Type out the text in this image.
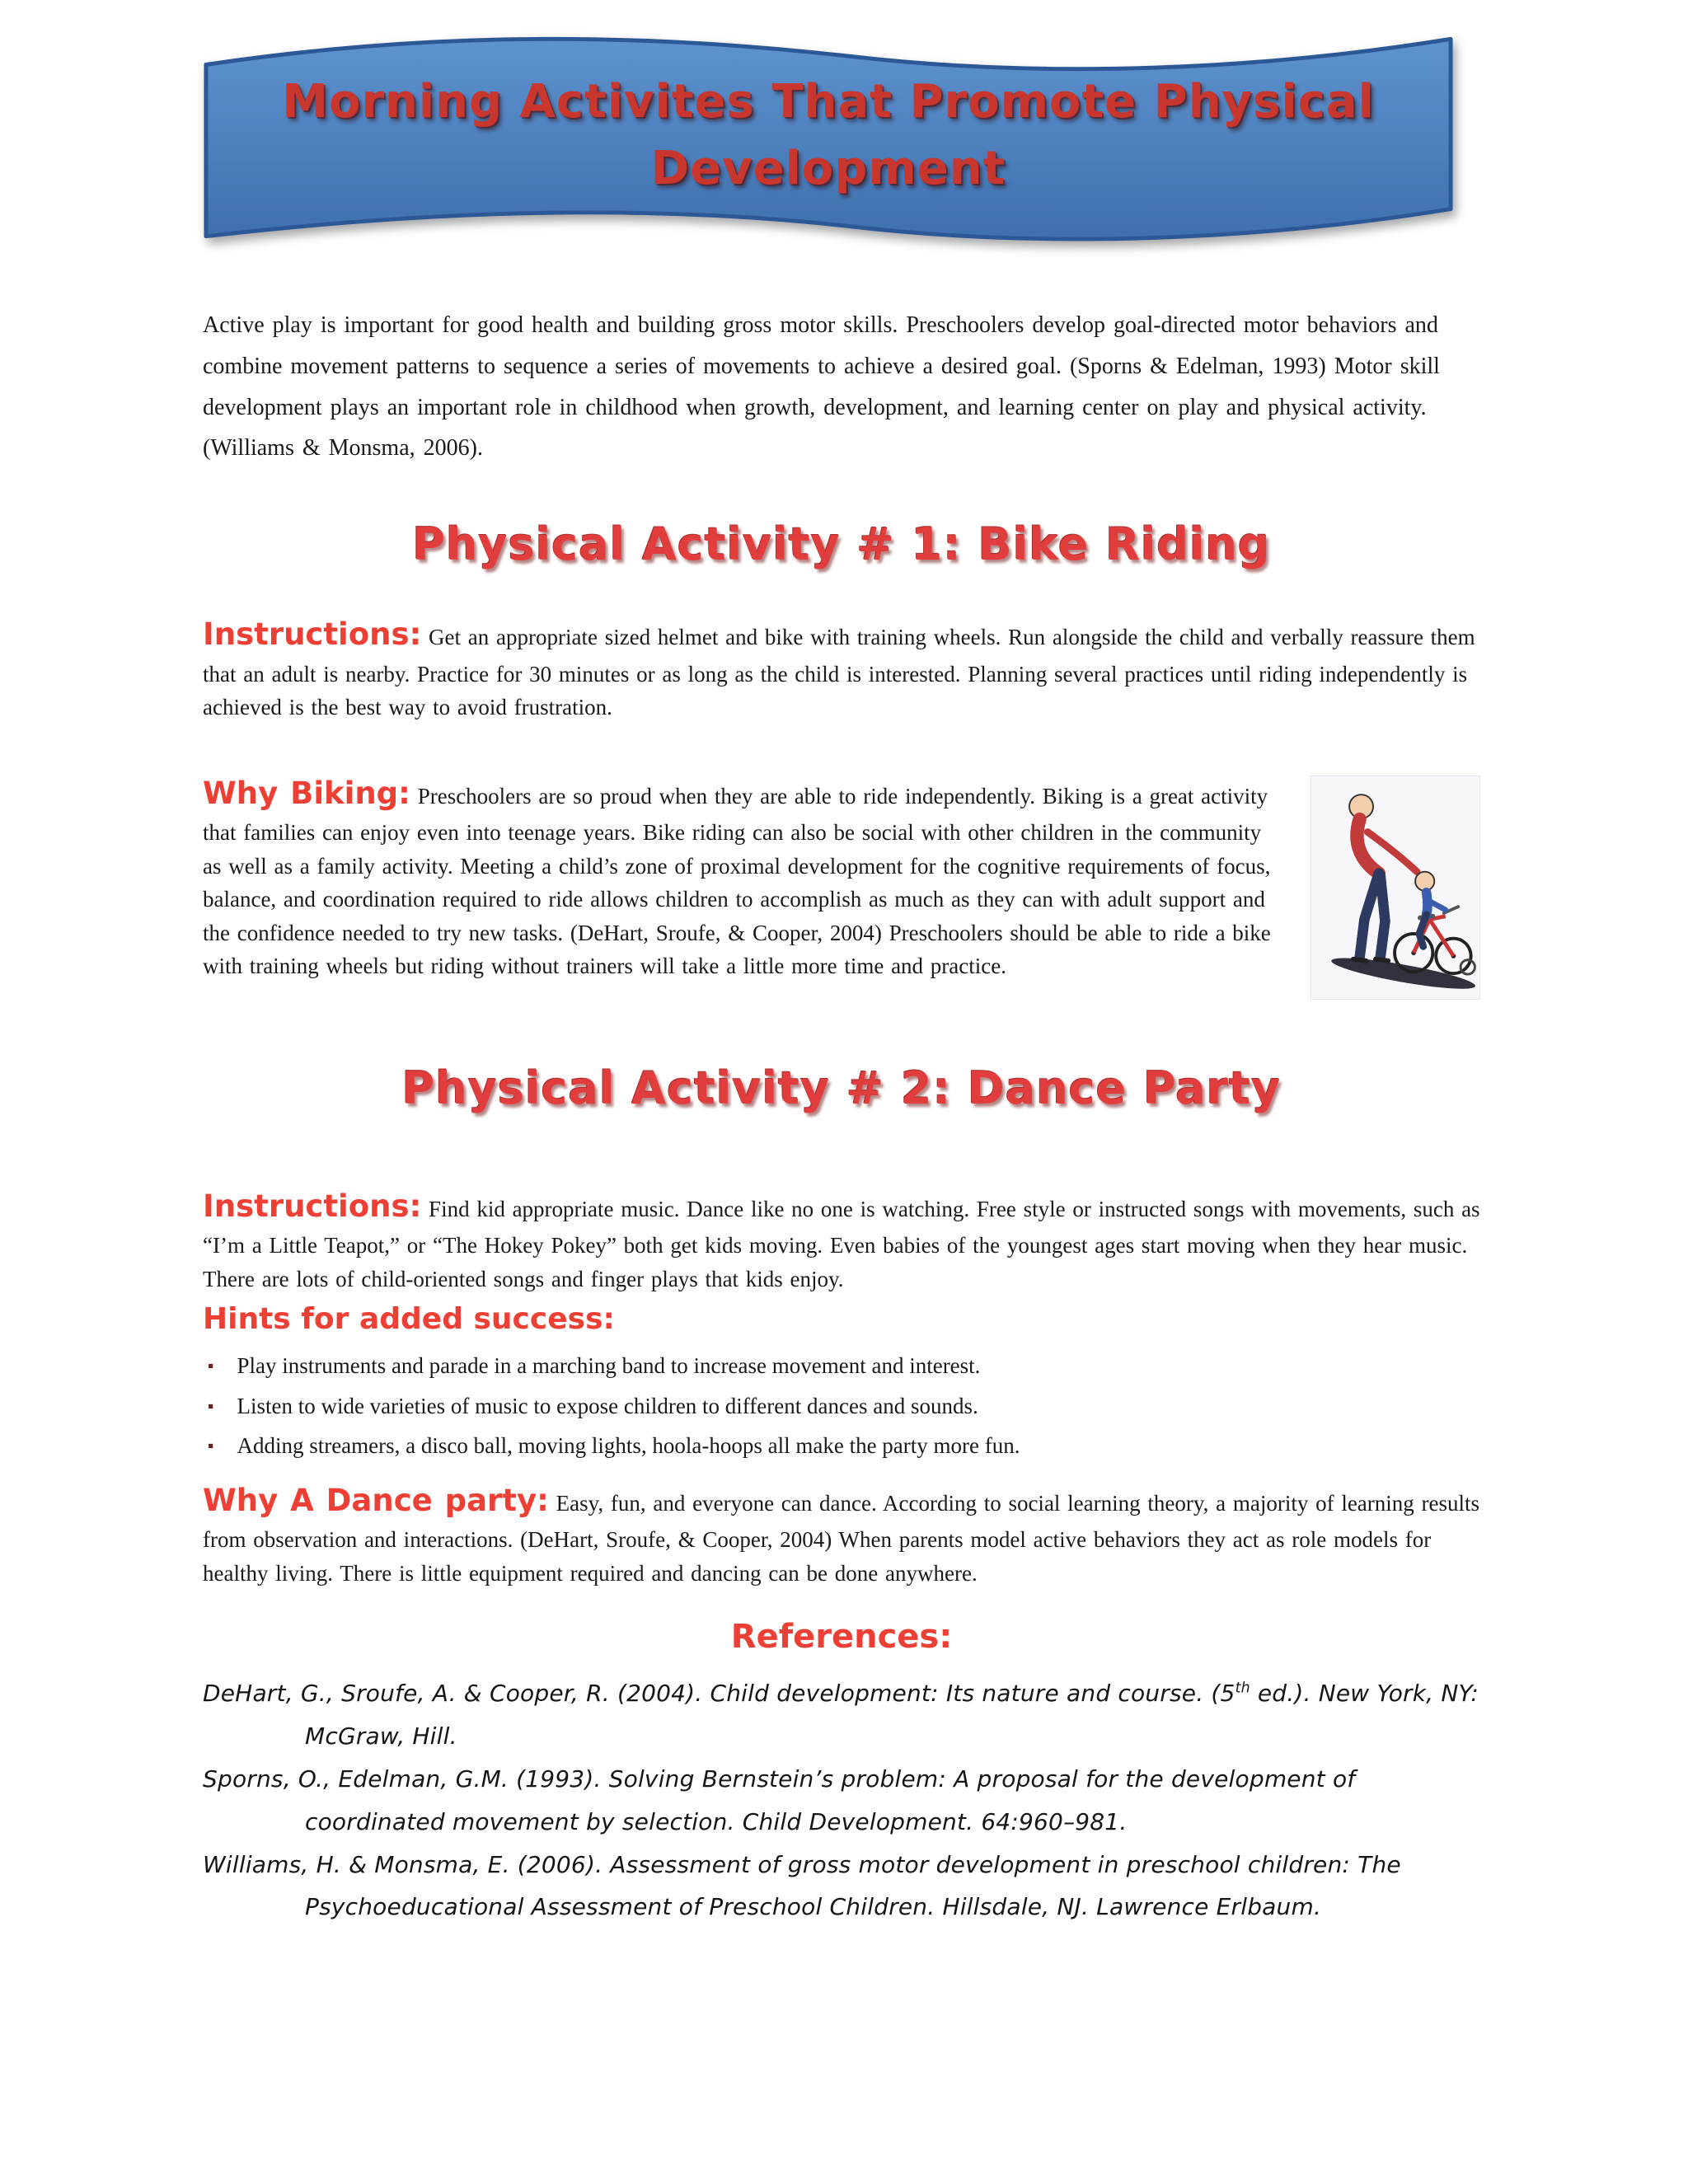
Morning Activites That Promote Physical
Development

Active play is important for good health and building gross motor skills. Preschoolers develop goal-directed motor behaviors and combine movement patterns to sequence a series of movements to achieve a desired goal. (Sporns & Edelman, 1993) Motor skill development plays an important role in childhood when growth, development, and learning center on play and physical activity. (Williams & Monsma, 2006).

Physical Activity # 1: Bike Riding

Instructions: Get an appropriate sized helmet and bike with training wheels. Run alongside the child and verbally reassure them that an adult is nearby. Practice for 30 minutes or as long as the child is interested. Planning several practices until riding independently is achieved is the best way to avoid frustration.

Why Biking: Preschoolers are so proud when they are able to ride independently. Biking is a great activity that families can enjoy even into teenage years. Bike riding can also be social with other children in the community as well as a family activity. Meeting a child’s zone of proximal development for the cognitive requirements of focus, balance, and coordination required to ride allows children to accomplish as much as they can with adult support and the confidence needed to try new tasks. (DeHart, Sroufe, & Cooper, 2004) Preschoolers should be able to ride a bike with training wheels but riding without trainers will take a little more time and practice.

Physical Activity # 2: Dance Party

Instructions: Find kid appropriate music. Dance like no one is watching. Free style or instructed songs with movements, such as “I’m a Little Teapot,” or “The Hokey Pokey” both get kids moving. Even babies of the youngest ages start moving when they hear music. There are lots of child-oriented songs and finger plays that kids enjoy.

Hints for added success:
▪ Play instruments and parade in a marching band to increase movement and interest.
▪ Listen to wide varieties of music to expose children to different dances and sounds.
▪ Adding streamers, a disco ball, moving lights, hoola-hoops all make the party more fun.

Why A Dance party: Easy, fun, and everyone can dance. According to social learning theory, a majority of learning results from observation and interactions. (DeHart, Sroufe, & Cooper, 2004) When parents model active behaviors they act as role models for healthy living. There is little equipment required and dancing can be done anywhere.

References:

DeHart, G., Sroufe, A. & Cooper, R. (2004). Child development: Its nature and course. (5th ed.). New York, NY: McGraw, Hill.

Sporns, O., Edelman, G.M. (1993). Solving Bernstein’s problem: A proposal for the development of coordinated movement by selection. Child Development. 64:960–981.

Williams, H. & Monsma, E. (2006). Assessment of gross motor development in preschool children: The Psychoeducational Assessment of Preschool Children. Hillsdale, NJ. Lawrence Erlbaum.
